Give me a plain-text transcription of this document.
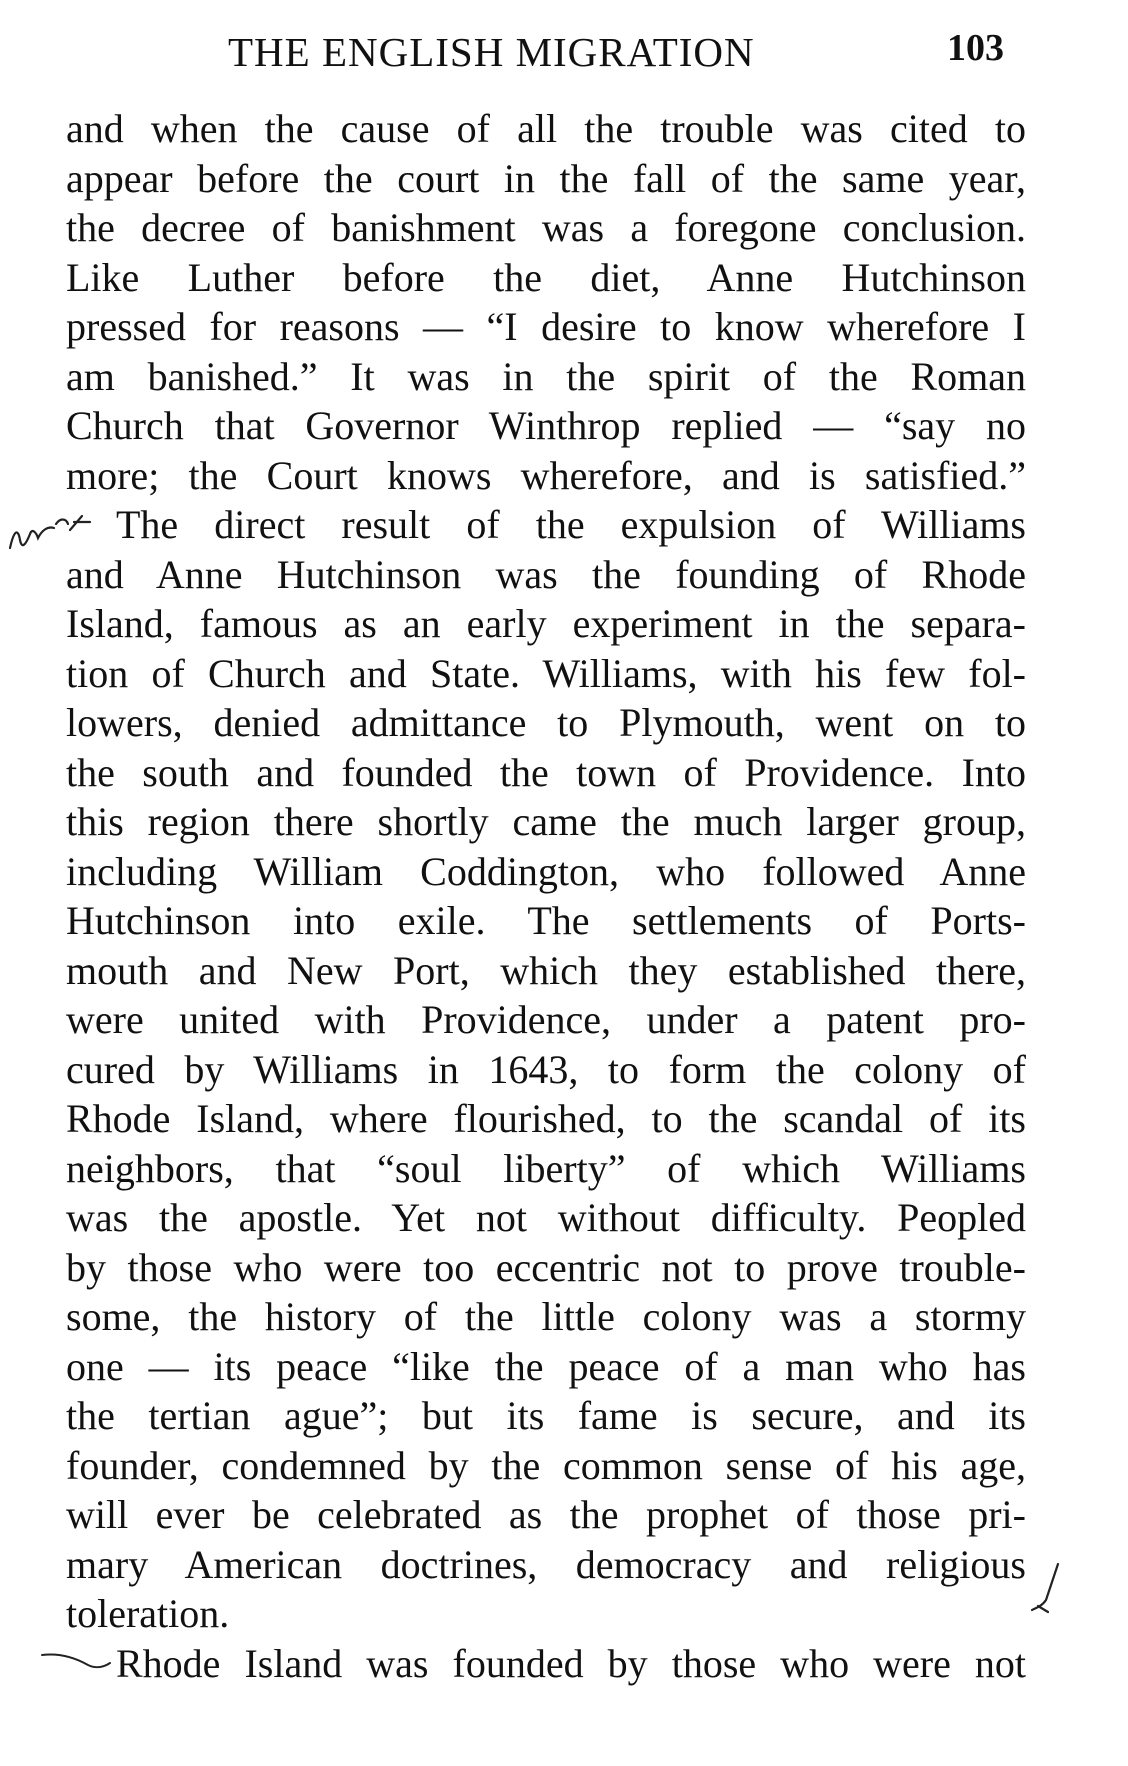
THE ENGLISH MIGRATION	103
and when the cause of all the trouble was cited to
appear before the court in the fall of the same year,
the decree of banishment was a foregone conclusion.
Like Luther before the diet, Anne Hutchinson
pressed for reasons — “I desire to know wherefore I
am banished.” It was in the spirit of the Roman
Church that Governor Winthrop replied — “say no
more; the Court knows wherefore, and is satisfied.”
The direct result of the expulsion of Williams
and Anne Hutchinson was the founding of Rhode
Island, famous as an early experiment in the separa-
tion of Church and State. Williams, with his few fol-
lowers, denied admittance to Plymouth, went on to
the south and founded the town of Providence. Into
this region there shortly came the much larger group,
including William Coddington, who followed Anne
Hutchinson into exile. The settlements of Ports-
mouth and New Port, which they established there,
were united with Providence, under a patent pro-
cured by Williams in 1643, to form the colony of
Rhode Island, where flourished, to the scandal of its
neighbors, that “soul liberty” of which Williams
was the apostle. Yet not without difficulty. Peopled
by those who were too eccentric not to prove trouble-
some, the history of the little colony was a stormy
one — its peace “like the peace of a man who has
the tertian ague”; but its fame is secure, and its
founder, condemned by the common sense of his age,
will ever be celebrated as the prophet of those pri-
mary American doctrines, democracy and religious
toleration.
Rhode Island was founded by those who were not
